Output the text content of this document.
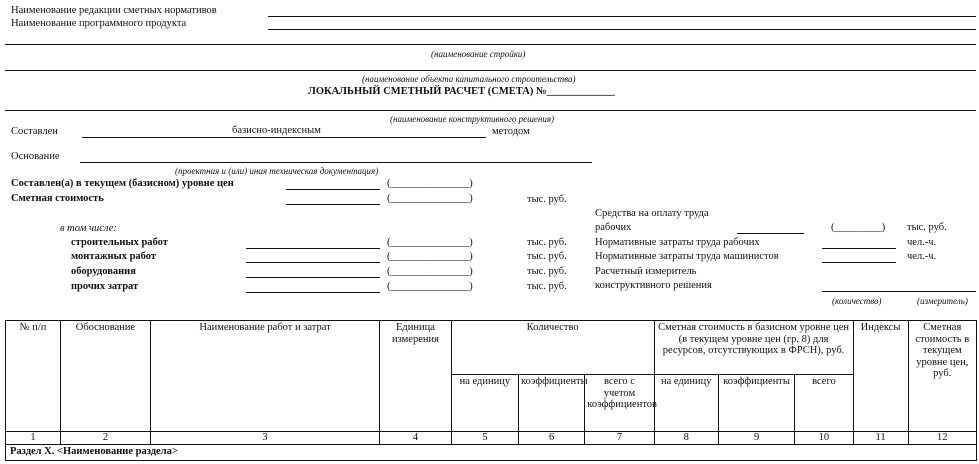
Наименование редакции сметных нормативов
Наименование программного продукта
(наименование стройки)
(наименование объекта капитального строительства)
ЛОКАЛЬНЫЙ СМЕТНЫЙ РАСЧЕТ (СМЕТА) №_____________
(наименование конструктивного решения)
Составлен	базисно-индексным	методом
Основание
(проектная и (или) иная техническая документация)
Составлен(а) в текущем (базисном) уровне цен	(_______________)
Сметная стоимость	(_______________)	тыс. руб.
в том числе:
строительных работ	(_______________)	тыс. руб.
монтажных работ	(_______________)	тыс. руб.
оборудования	(_______________)	тыс. руб.
прочих затрат	(_______________)	тыс. руб.
Средства на оплату труда
рабочих	(_________) тыс. руб.
Нормативные затраты труда рабочих	чел.-ч.
Нормативные затраты труда машинистов	чел.-ч.
Расчетный измеритель
конструктивного решения
(количество)	(измеритель)
№ п/п	Обоснование	Наименование работ и затрат	Единица измерения	Количество			Сметная стоимость в базисном уровне цен (в текущем уровне цен (гр. 8) для ресурсов, отсутствующих в ФРСН), руб.			Индексы	Сметная стоимость в текущем уровне цен, руб.
				на единицу	коэффициенты	всего с учетом коэффициентов	на единицу	коэффициенты	всего		
1	2	3	4	5	6	7	8	9	10	11	12
Раздел X. <Наименование раздела>											
